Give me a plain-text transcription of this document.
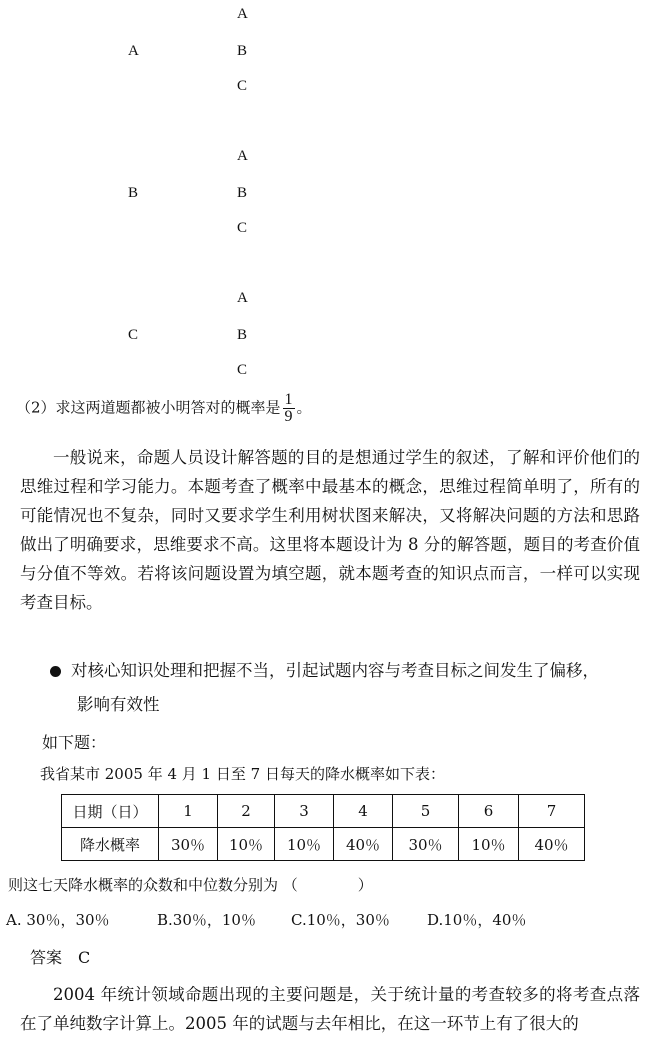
A
A	B
C
A
B	B
C
A
C	B
C
（2）求这两道题都被小明答对的概率是 $\frac{1}{9}$ 。
一般说来，命题人员设计解答题的目的是想通过学生的叙述，了解和评价他们的思维过程和学习能力。本题考查了概率中最基本的概念，思维过程简单明了，所有的可能情况也不复杂，同时又要求学生利用树状图来解决，又将解决问题的方法和思路做出了明确要求，思维要求不高。这里将本题设计为 8 分的解答题，题目的考查价值与分值不等效。若将该问题设置为填空题，就本题考查的知识点而言，一样可以实现考查目标。
对核心知识处理和把握不当，引起试题内容与考查目标之间发生了偏移，
影响有效性
如下题：
我省某市 2005 年 4 月 1 日至 7 日每天的降水概率如下表：
日期（日）	1	2	3	4	5	6	7
降水概率	30％	10％	10％	40％	30％	10％	40％
则这七天降水概率的众数和中位数分别为 （　　　　）
A. 30％，30％	B.30％，10％ C.10％，30％ D.10％，40％
答案　C
2004 年统计领域命题出现的主要问题是，关于统计量的考查较多的将考查点落在了单纯数字计算上。2005 年的试题与去年相比，在这一环节上有了很大的
